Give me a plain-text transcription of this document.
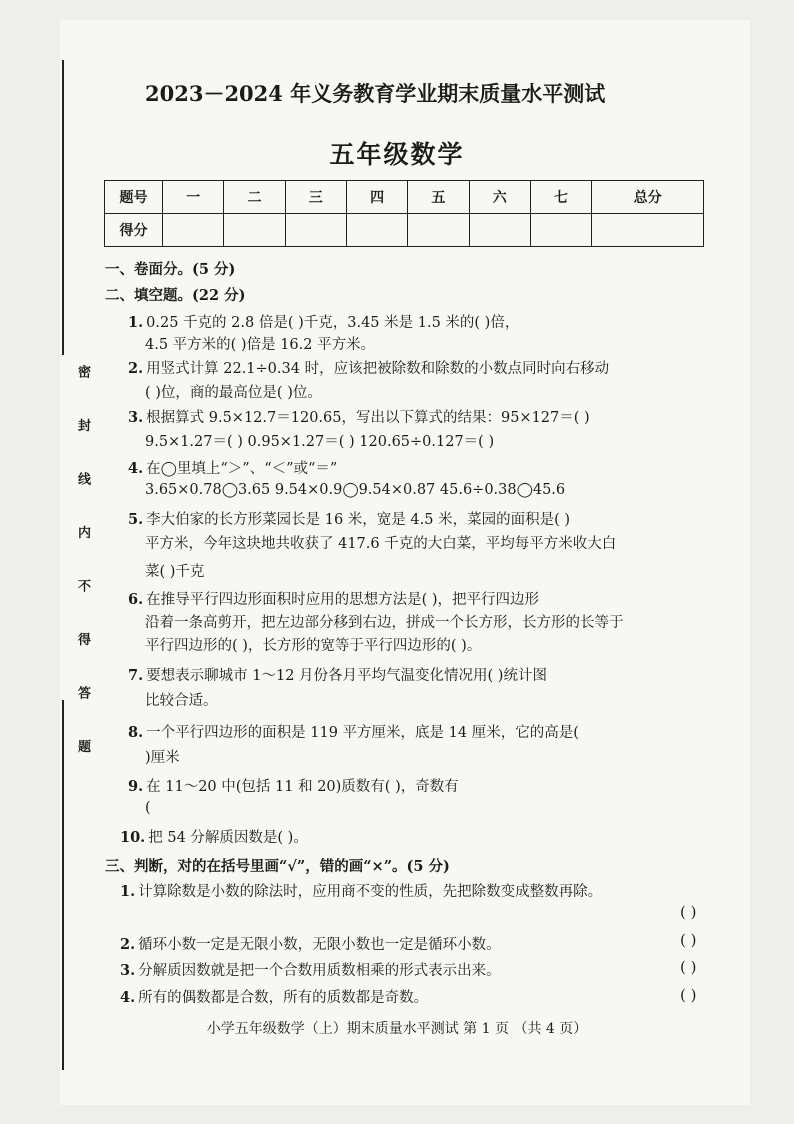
密 封 线 内 不 得 答 题
2023－2024 年义务教育学业期末质量水平测试
五年级数学
题号	一	二	三	四	五	六	七	总分
得分								
一、卷面分。(5 分)
二、填空题。(22 分)
1. 0.25 千克的 2.8 倍是( )千克，3.45 米是 1.5 米的( )倍，
4.5 平方米的( )倍是 16.2 平方米。
2. 用竖式计算 22.1÷0.34 时，应该把被除数和除数的小数点同时向右移动
( )位，商的最高位是( )位。
3. 根据算式 9.5×12.7＝120.65，写出以下算式的结果：95×127＝( )
9.5×1.27＝( ) 0.95×1.27＝( ) 120.65÷0.127＝( )
4. 在◯里填上“＞”、“＜”或“＝”
3.65×0.78◯3.65 9.54×0.9◯9.54×0.87 45.6÷0.38◯45.6
5. 李大伯家的长方形菜园长是 16 米，宽是 4.5 米，菜园的面积是( )
平方米，今年这块地共收获了 417.6 千克的大白菜，平均每平方米收大白
菜( )千克
6. 在推导平行四边形面积时应用的思想方法是( )，把平行四边形
沿着一条高剪开，把左边部分移到右边，拼成一个长方形，长方形的长等于
平行四边形的( )，长方形的宽等于平行四边形的( )。
7. 要想表示聊城市 1～12 月份各月平均气温变化情况用( )统计图
比较合适。
8. 一个平行四边形的面积是 119 平方厘米，底是 14 厘米，它的高是(
)厘米
9. 在 11～20 中(包括 11 和 20)质数有( )，奇数有
(
10. 把 54 分解质因数是( )。
三、判断，对的在括号里画“√”，错的画“×”。(5 分)
1. 计算除数是小数的除法时，应用商不变的性质，先把除数变成整数再除。
( )
2. 循环小数一定是无限小数，无限小数也一定是循环小数。	( )
3. 分解质因数就是把一个合数用质数相乘的形式表示出来。	( )
4. 所有的偶数都是合数，所有的质数都是奇数。	( )
小学五年级数学（上）期末质量水平测试 第 1 页 （共 4 页）
